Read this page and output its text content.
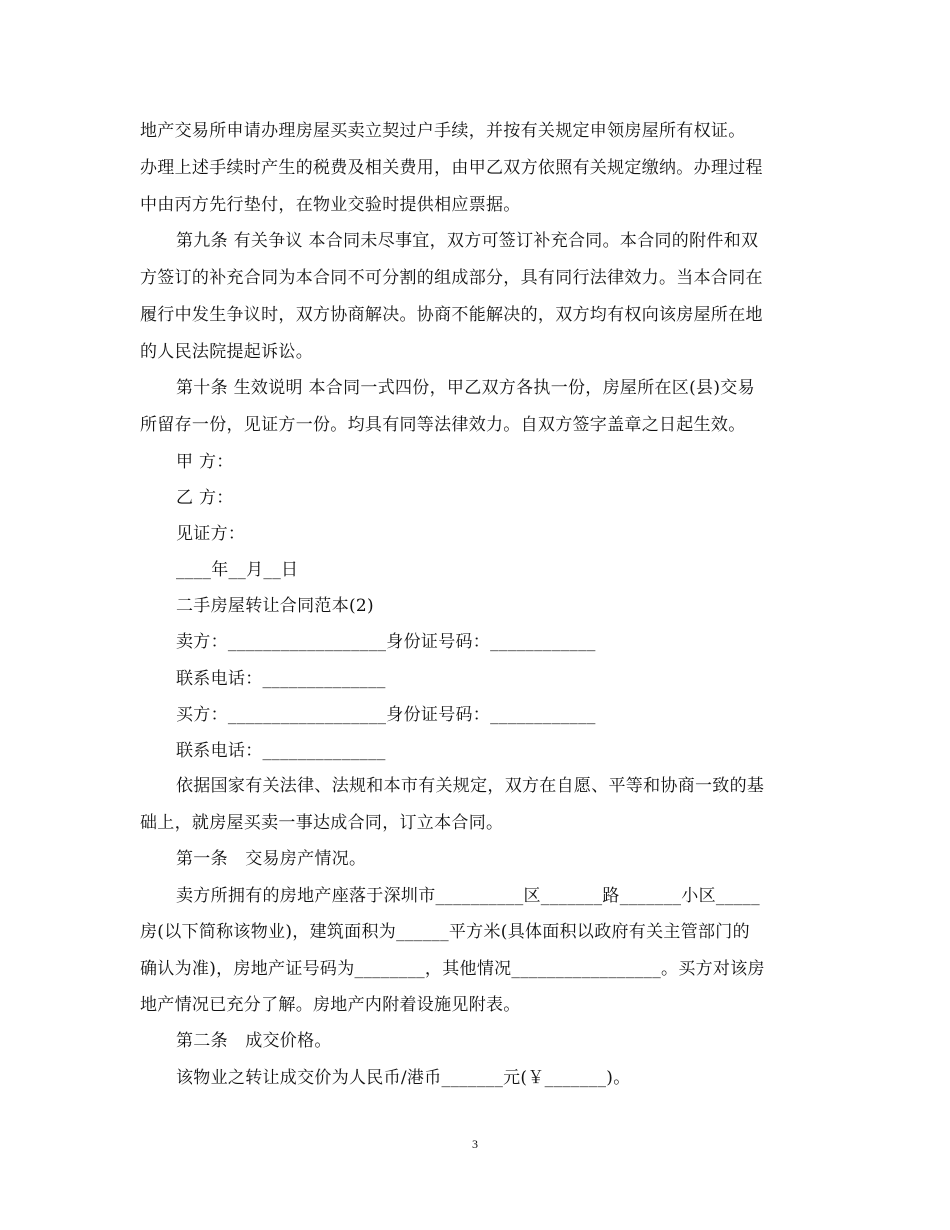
地产交易所申请办理房屋买卖立契过户手续，并按有关规定申领房屋所有权证。
办理上述手续时产生的税费及相关费用，由甲乙双方依照有关规定缴纳。办理过程
中由丙方先行垫付，在物业交验时提供相应票据。
第九条 有关争议 本合同未尽事宜，双方可签订补充合同。本合同的附件和双
方签订的补充合同为本合同不可分割的组成部分，具有同行法律效力。当本合同在
履行中发生争议时，双方协商解决。协商不能解决的，双方均有权向该房屋所在地
的人民法院提起诉讼。
第十条 生效说明 本合同一式四份，甲乙双方各执一份，房屋所在区(县)交易
所留存一份，见证方一份。均具有同等法律效力。自双方签字盖章之日起生效。
甲 方：
乙 方：
见证方：
____年__月__日
二手房屋转让合同范本(2)
卖方：__________________身份证号码：____________
联系电话：______________
买方：__________________身份证号码：____________
联系电话：______________
依据国家有关法律、法规和本市有关规定，双方在自愿、平等和协商一致的基
础上，就房屋买卖一事达成合同，订立本合同。
第一条　交易房产情况。
卖方所拥有的房地产座落于深圳市__________区_______路_______小区_____
房(以下简称该物业)，建筑面积为______平方米(具体面积以政府有关主管部门的
确认为准)，房地产证号码为________，其他情况_________________。买方对该房
地产情况已充分了解。房地产内附着设施见附表。
第二条　成交价格。
该物业之转让成交价为人民币/港币_______元(￥_______)。
3
